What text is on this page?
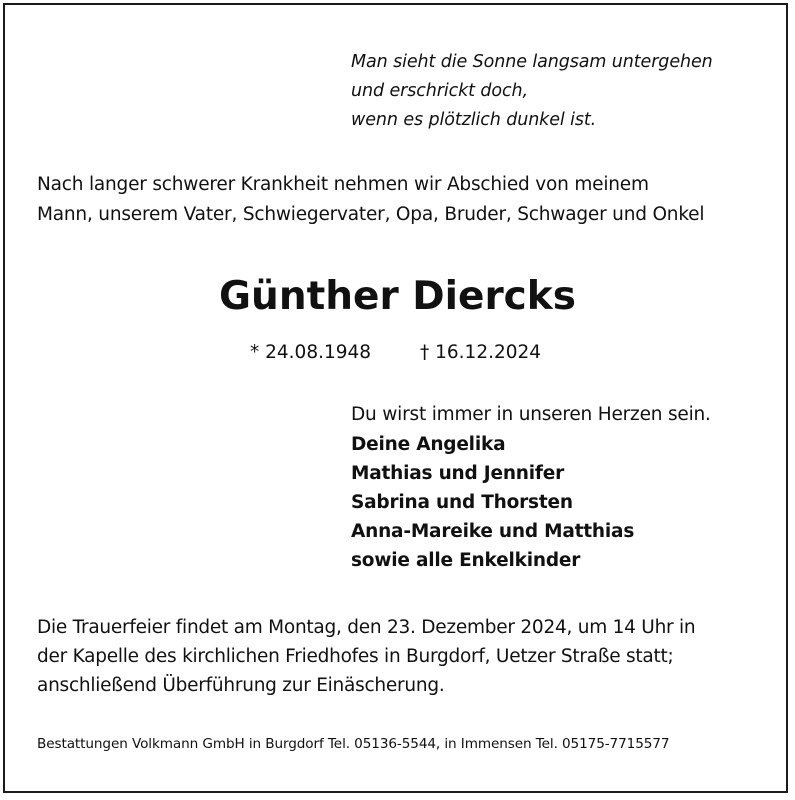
Man sieht die Sonne langsam untergehen
und erschrickt doch,
wenn es plötzlich dunkel ist.
Nach langer schwerer Krankheit nehmen wir Abschied von meinem
Mann, unserem Vater, Schwiegervater, Opa, Bruder, Schwager und Onkel
Günther Diercks
* 24.08.1948	† 16.12.2024
Du wirst immer in unseren Herzen sein.
Deine Angelika
Mathias und Jennifer
Sabrina und Thorsten
Anna-Mareike und Matthias
sowie alle Enkelkinder
Die Trauerfeier findet am Montag, den 23. Dezember 2024, um 14 Uhr in
der Kapelle des kirchlichen Friedhofes in Burgdorf, Uetzer Straße statt;
anschließend Überführung zur Einäscherung.
Bestattungen Volkmann GmbH in Burgdorf Tel. 05136-5544, in Immensen Tel. 05175-7715577
